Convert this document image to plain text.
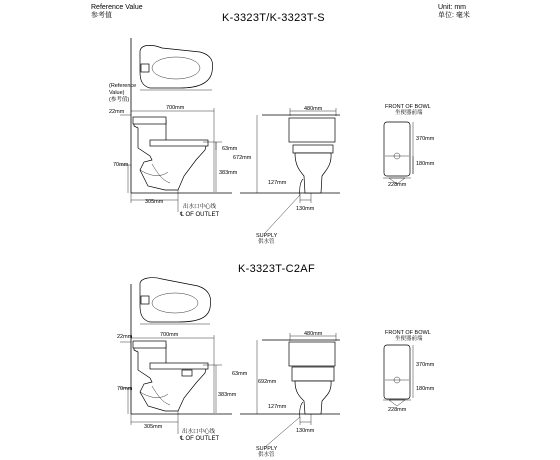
Reference Value
参考值
Unit: mm
单位: 毫米
K-3323T/K-3323T-S
K-3323T-C2AF
(Reference
Value)
(参考值)
22mm
700mm
63mm
672mm
383mm
70mm
305mm
出水口中心线
℄ OF OUTLET
480mm
127mm
130mm
SUPPLY
供水管
FRONT OF BOWL
坐便器前端
370mm
180mm
228mm
22mm	700mm
63mm
692mm
383mm
70mm
305mm
出水口中心线
℄ OF OUTLET
480mm
127mm
130mm
SUPPLY
供水管
FRONT OF BOWL
坐便器前端
370mm
180mm
228mm
